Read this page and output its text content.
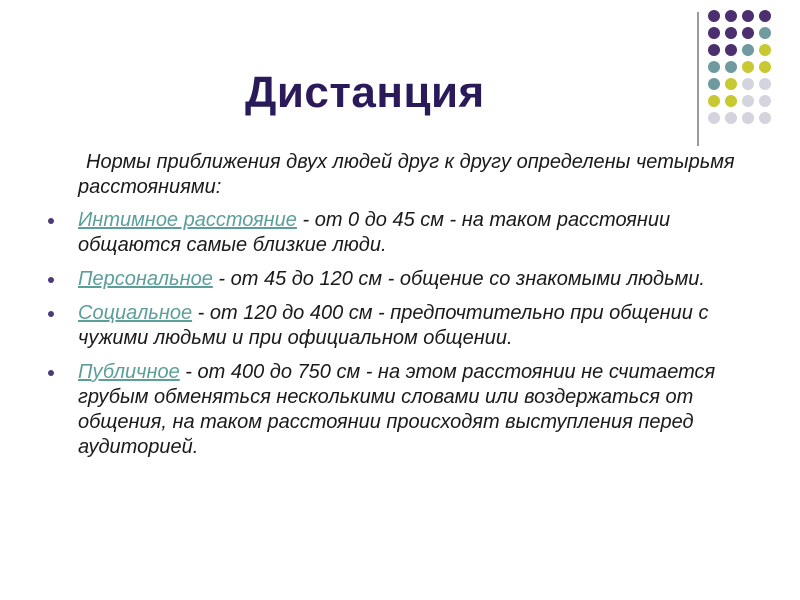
Дистанция

Нормы приближения двух людей друг к другу определены четырьмя расстояниями:

Интимное расстояние - от 0 до 45 см - на таком расстоянии общаются самые близкие люди.
Персональное - от 45 до 120 см - общение со знакомыми людьми.
Социальное - от 120 до 400 см - предпочтительно при общении с чужими людьми и при официальном общении.
Публичное - от 400 до 750 см - на этом расстоянии не считается грубым обменяться несколькими словами или воздержаться от общения, на таком расстоянии происходят выступления перед аудиторией.
